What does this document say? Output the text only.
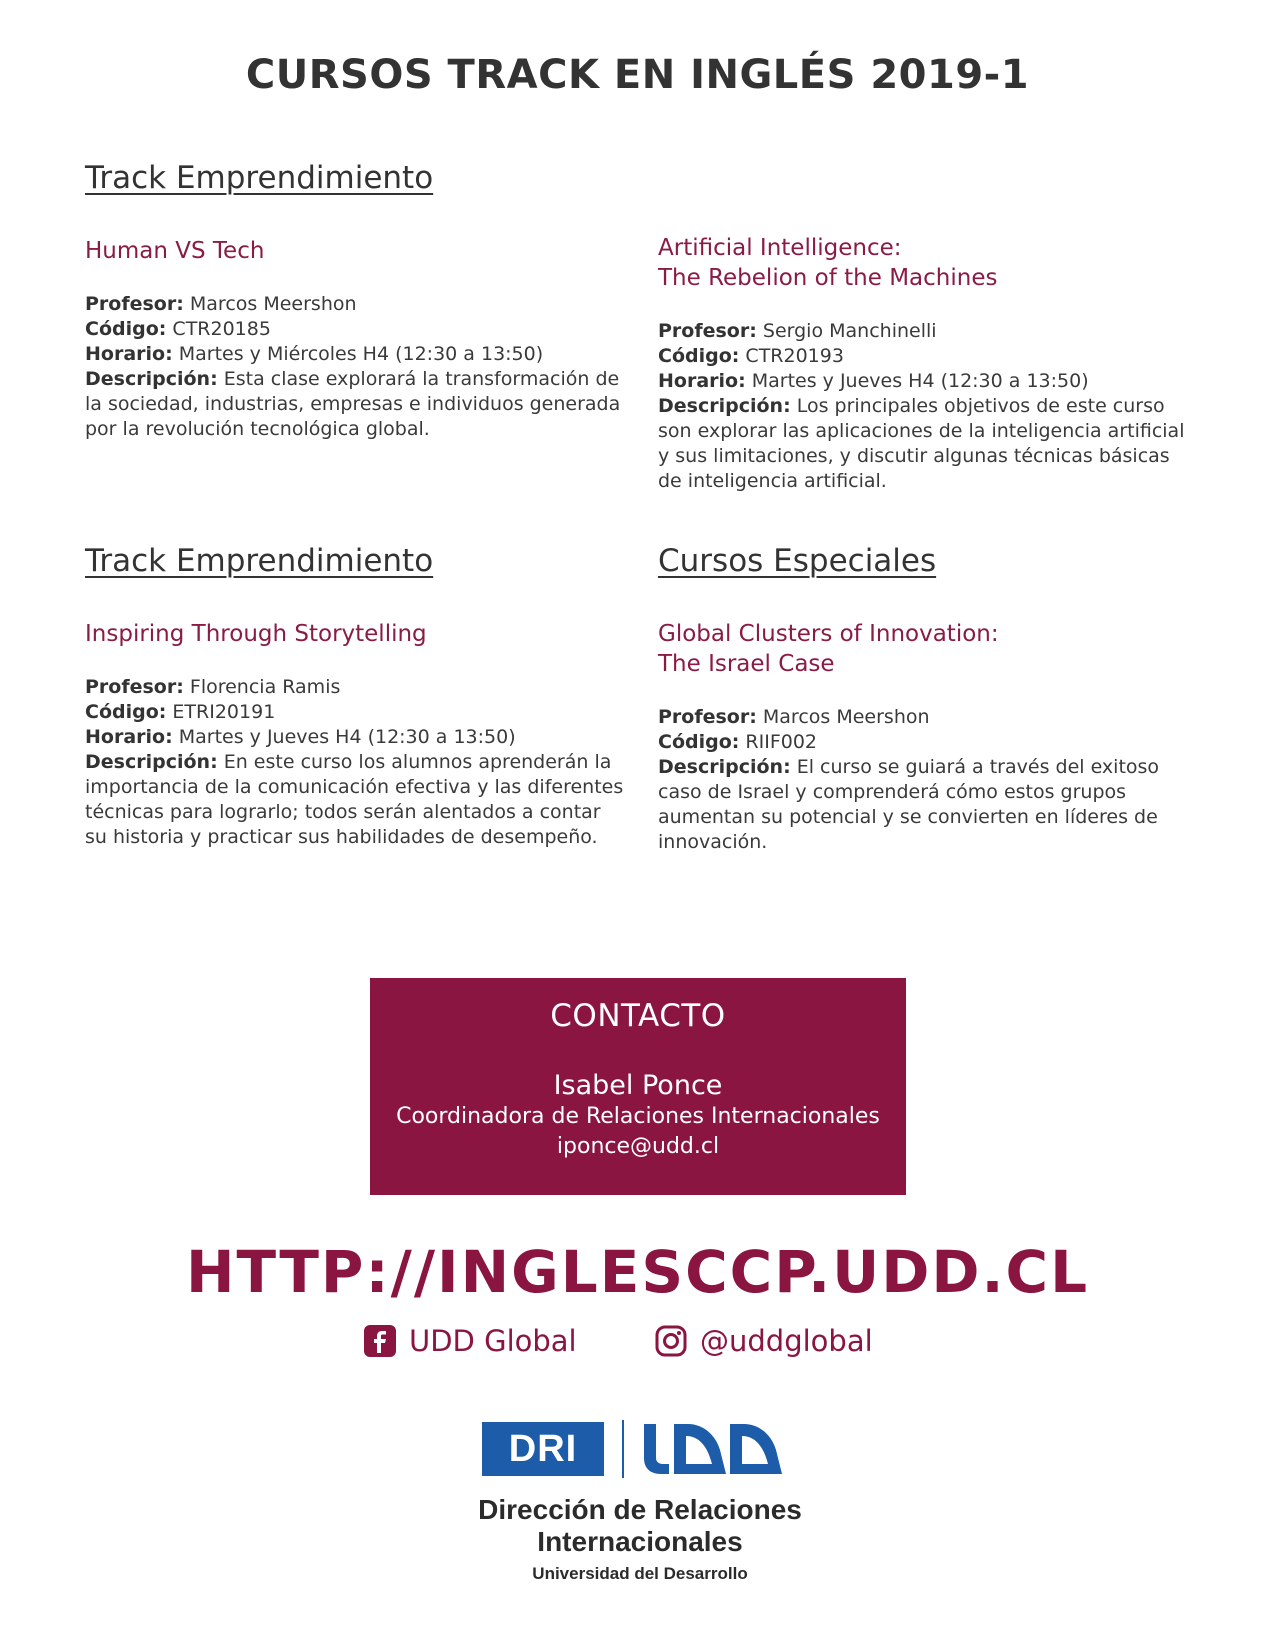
CURSOS TRACK EN INGLÉS 2019-1
Track Emprendimiento
Human VS Tech
Profesor: Marcos Meershon
Código: CTR20185
Horario: Martes y Miércoles H4 (12:30 a 13:50)
Descripción: Esta clase explorará la transformación de la sociedad, industrias, empresas e individuos generada por la revolución tecnológica global.
Artificial Intelligence:
The Rebelion of the Machines
Profesor: Sergio Manchinelli
Código: CTR20193
Horario: Martes y Jueves H4 (12:30 a 13:50)
Descripción: Los principales objetivos de este curso son explorar las aplicaciones de la inteligencia artificial y sus limitaciones, y discutir algunas técnicas básicas de inteligencia artificial.
Track Emprendimiento
Inspiring Through Storytelling
Profesor: Florencia Ramis
Código: ETRI20191
Horario: Martes y Jueves H4 (12:30 a 13:50)
Descripción: En este curso los alumnos aprenderán la importancia de la comunicación efectiva y las diferentes técnicas para lograrlo; todos serán alentados a contar su historia y practicar sus habilidades de desempeño.
Cursos Especiales
Global Clusters of Innovation:
The Israel Case
Profesor: Marcos Meershon
Código: RIIF002
Descripción: El curso se guiará a través del exitoso caso de Israel y comprenderá cómo estos grupos aumentan su potencial y se convierten en líderes de innovación.
CONTACTO
Isabel Ponce
Coordinadora de Relaciones Internacionales
iponce@udd.cl
HTTP://INGLESCCP.UDD.CL
UDD Global	@uddglobal
DRI
Dirección de Relaciones
Internacionales
Universidad del Desarrollo
